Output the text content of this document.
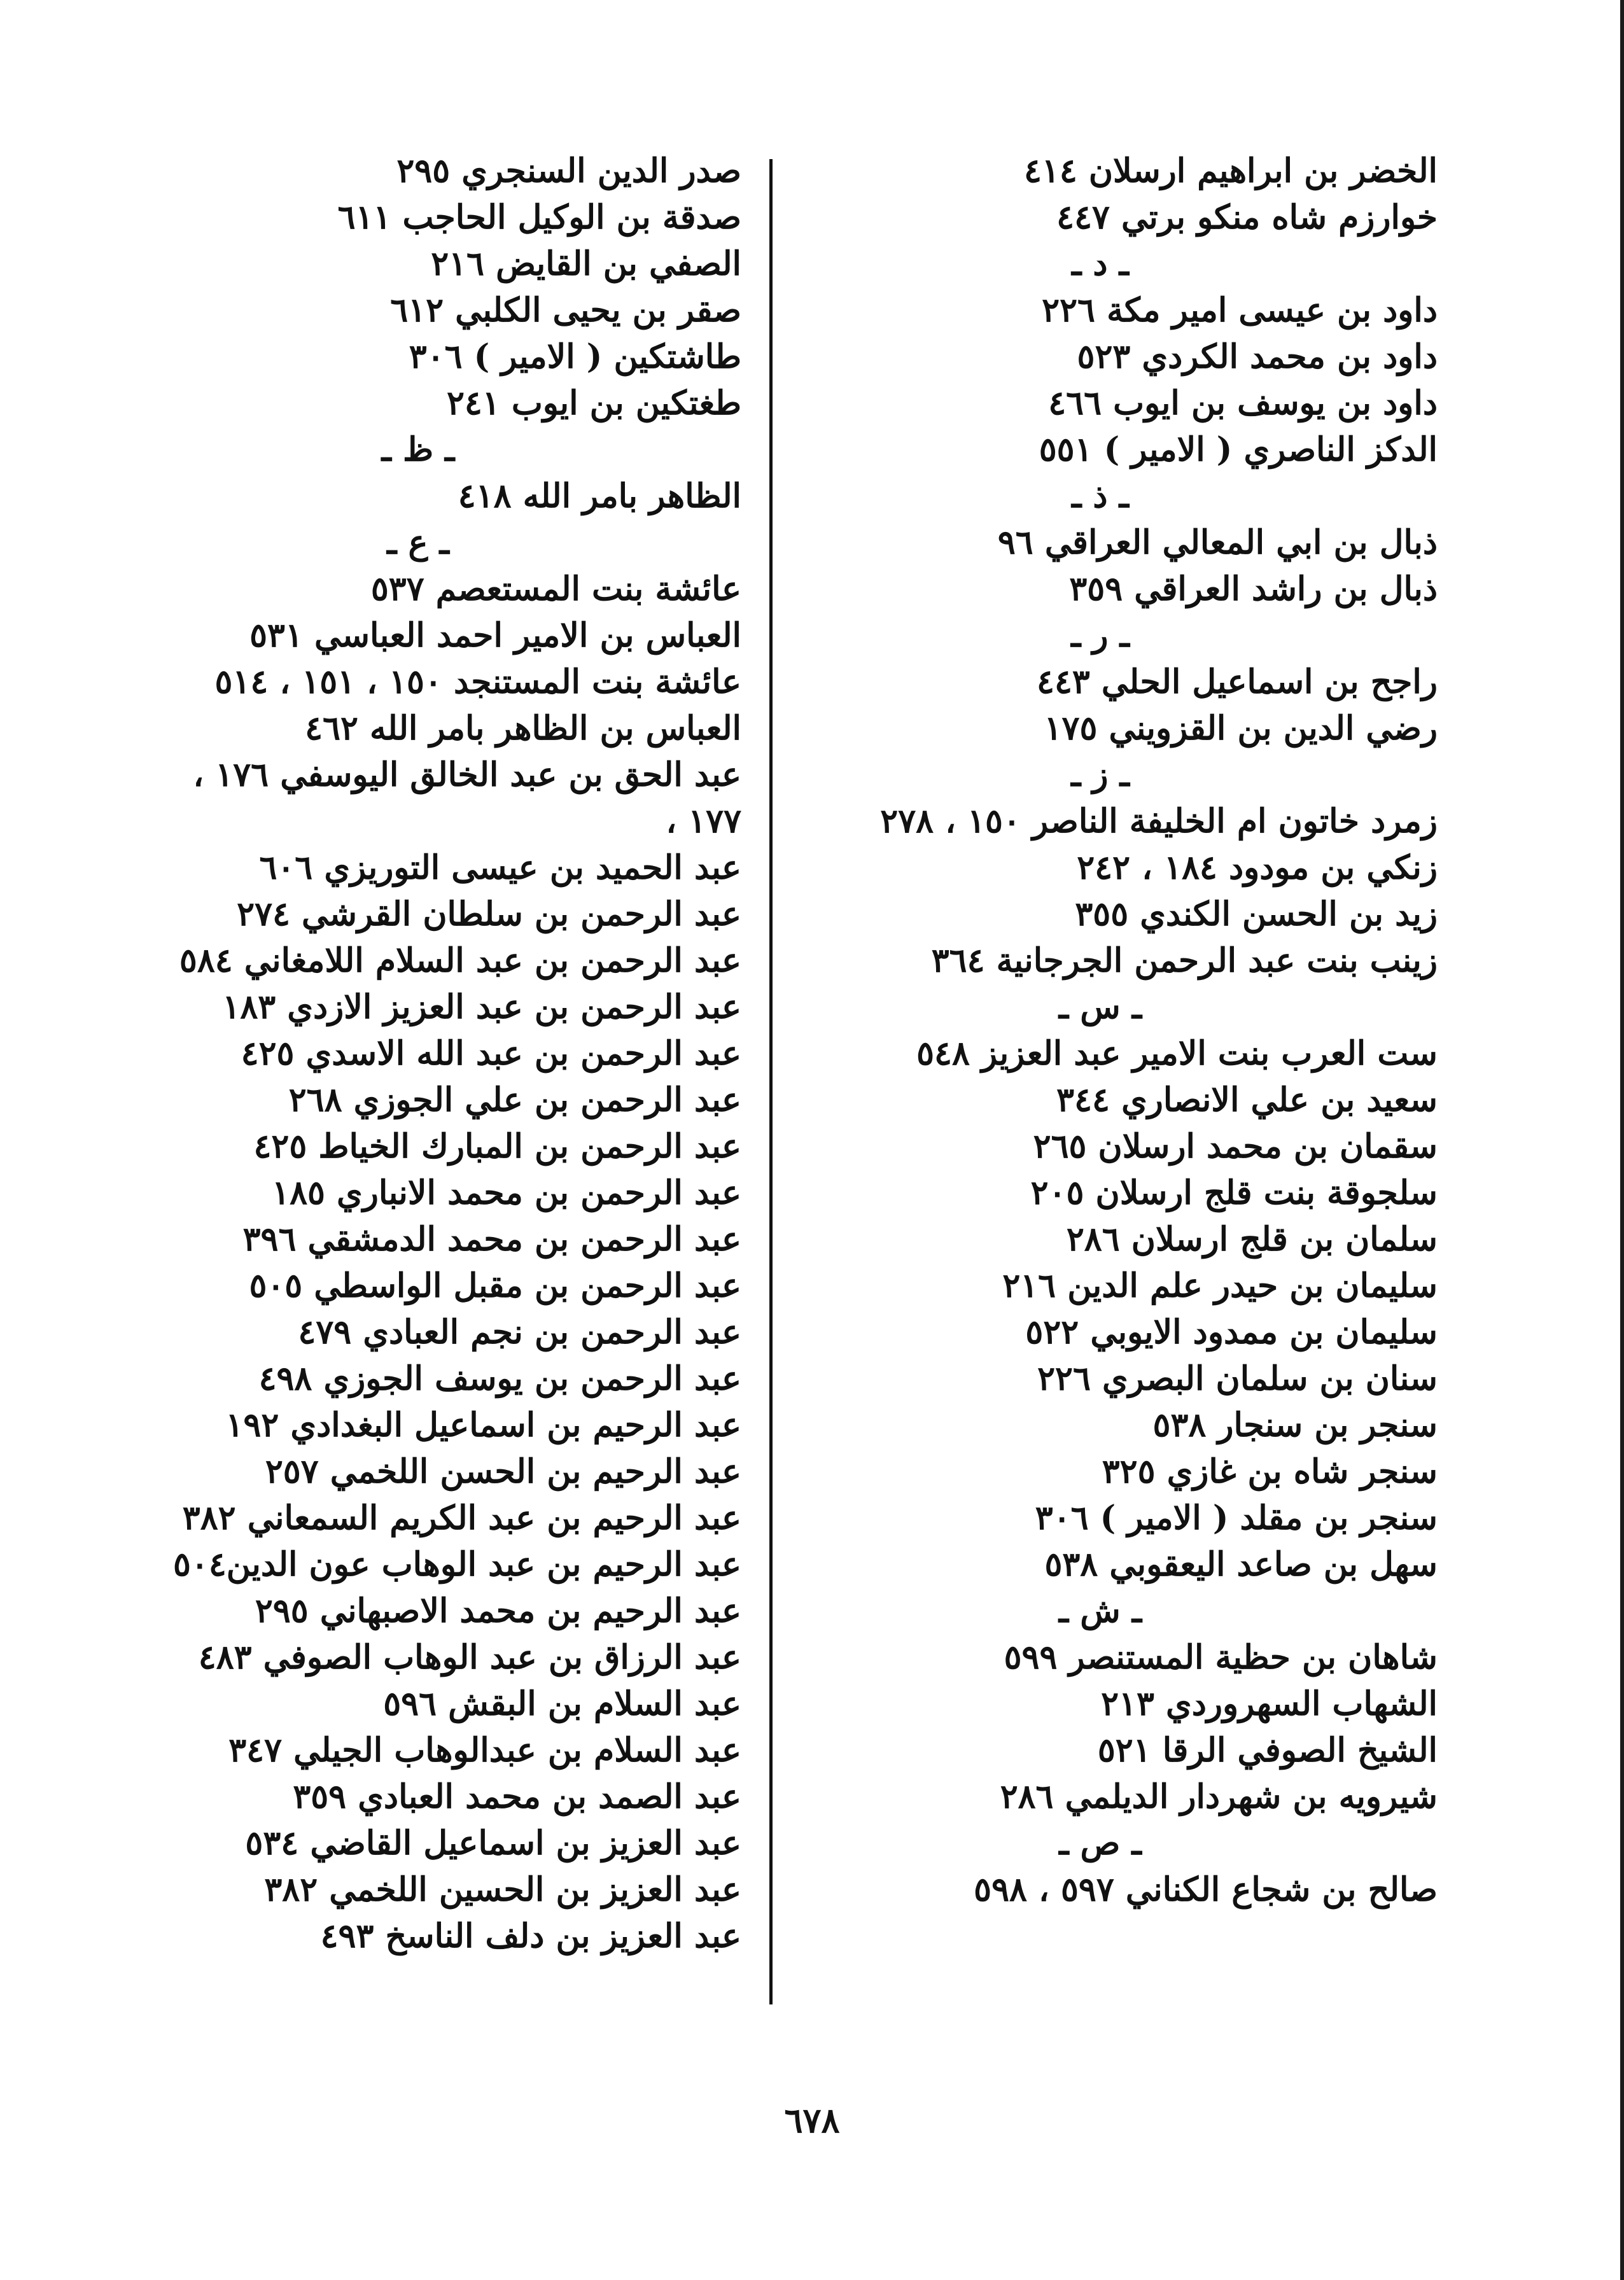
الخضر بن ابراهيم ارسلان ٤١٤
خوارزم شاه منكو برتي ٤٤٧
ـ د ـ
داود بن عيسى امير مكة ٢٢٦
داود بن محمد الكردي ٥٢٣
داود بن يوسف بن ايوب ٤٦٦
الدكز الناصري ( الامير ) ٥٥١
ـ ذ ـ
ذبال بن ابي المعالي العراقي ٩٦
ذبال بن راشد العراقي ٣٥٩
ـ ر ـ
راجح بن اسماعيل الحلي ٤٤٣
رضي الدين بن القزويني ١٧٥
ـ ز ـ
زمرد خاتون ام الخليفة الناصر ١٥٠ ، ٢٧٨
زنكي بن مودود ١٨٤ ، ٢٤٢
زيد بن الحسن الكندي ٣٥٥
زينب بنت عبد الرحمن الجرجانية ٣٦٤
ـ س ـ
ست العرب بنت الامير عبد العزيز ٥٤٨
سعيد بن علي الانصاري ٣٤٤
سقمان بن محمد ارسلان ٢٦٥
سلجوقة بنت قلج ارسلان ٢٠٥
سلمان بن قلج ارسلان ٢٨٦
سليمان بن حيدر علم الدين ٢١٦
سليمان بن ممدود الايوبي ٥٢٢
سنان بن سلمان البصري ٢٢٦
سنجر بن سنجار ٥٣٨
سنجر شاه بن غازي ٣٢٥
سنجر بن مقلد ( الامير ) ٣٠٦
سهل بن صاعد اليعقوبي ٥٣٨
ـ ش ـ
شاهان بن حظية المستنصر ٥٩٩
الشهاب السهروردي ٢١٣
الشيخ الصوفي الرقا ٥٢١
شيرويه بن شهردار الديلمي ٢٨٦
ـ ص ـ
صالح بن شجاع الكناني ٥٩٧ ، ٥٩٨
صدر الدين السنجري ٢٩٥
صدقة بن الوكيل الحاجب ٦١١
الصفي بن القايض ٢١٦
صقر بن يحيى الكلبي ٦١٢
طاشتكين ( الامير ) ٣٠٦
طغتكين بن ايوب ٢٤١
ـ ظ ـ
الظاهر بامر الله ٤١٨
ـ ع ـ
عائشة بنت المستعصم ٥٣٧
العباس بن الامير احمد العباسي ٥٣١
عائشة بنت المستنجد ١٥٠ ، ١٥١ ، ٥١٤
العباس بن الظاهر بامر الله ٤٦٢
عبد الحق بن عبد الخالق اليوسفي ١٧٦ ،
١٧٧ ،
عبد الحميد بن عيسى التوريزي ٦٠٦
عبد الرحمن بن سلطان القرشي ٢٧٤
عبد الرحمن بن عبد السلام اللامغاني ٥٨٤
عبد الرحمن بن عبد العزيز الازدي ١٨٣
عبد الرحمن بن عبد الله الاسدي ٤٢٥
عبد الرحمن بن علي الجوزي ٢٦٨
عبد الرحمن بن المبارك الخياط ٤٢٥
عبد الرحمن بن محمد الانباري ١٨٥
عبد الرحمن بن محمد الدمشقي ٣٩٦
عبد الرحمن بن مقبل الواسطي ٥٠٥
عبد الرحمن بن نجم العبادي ٤٧٩
عبد الرحمن بن يوسف الجوزي ٤٩٨
عبد الرحيم بن اسماعيل البغدادي ١٩٢
عبد الرحيم بن الحسن اللخمي ٢٥٧
عبد الرحيم بن عبد الكريم السمعاني ٣٨٢
عبد الرحيم بن عبد الوهاب عون الدين٥٠٤
عبد الرحيم بن محمد الاصبهاني ٢٩٥
عبد الرزاق بن عبد الوهاب الصوفي ٤٨٣
عبد السلام بن البقش ٥٩٦
عبد السلام بن عبدالوهاب الجيلي ٣٤٧
عبد الصمد بن محمد العبادي ٣٥٩
عبد العزيز بن اسماعيل القاضي ٥٣٤
عبد العزيز بن الحسين اللخمي ٣٨٢
عبد العزيز بن دلف الناسخ ٤٩٣
٦٧٨
